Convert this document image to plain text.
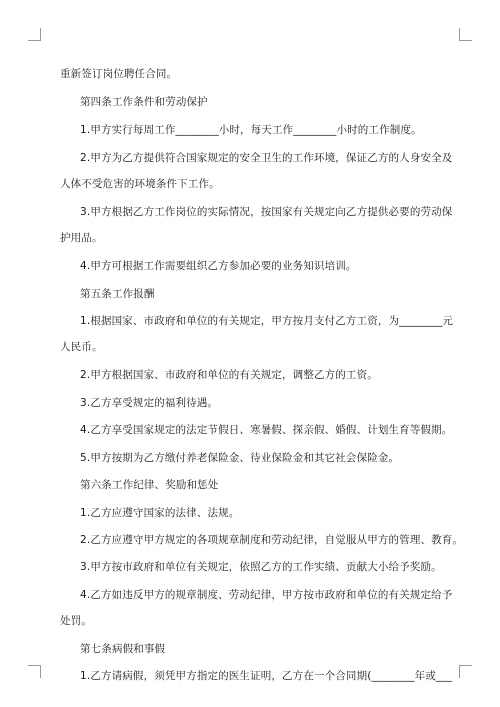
重新签订岗位聘任合同。
第四条工作条件和劳动保护
1.甲方实行每周工作________小时，每天工作________小时的工作制度。
2.甲方为乙方提供符合国家规定的安全卫生的工作环境，保证乙方的人身安全及
人体不受危害的环境条件下工作。
3.甲方根据乙方工作岗位的实际情况，按国家有关规定向乙方提供必要的劳动保
护用品。
4.甲方可根据工作需要组织乙方参加必要的业务知识培训。
第五条工作报酬
1.根据国家、市政府和单位的有关规定，甲方按月支付乙方工资，为________元
人民币。
2.甲方根据国家、市政府和单位的有关规定，调整乙方的工资。
3.乙方享受规定的福利待遇。
4.乙方享受国家规定的法定节假日、寒暑假、探亲假、婚假、计划生育等假期。
5.甲方按期为乙方缴付养老保险金、待业保险金和其它社会保险金。
第六条工作纪律、奖励和惩处
1.乙方应遵守国家的法律、法规。
2.乙方应遵守甲方规定的各项规章制度和劳动纪律，自觉服从甲方的管理、教育。
3.甲方按市政府和单位有关规定，依照乙方的工作实绩、贡献大小给予奖励。
4.乙方如违反甲方的规章制度、劳动纪律，甲方按市政府和单位的有关规定给予
处罚。
第七条病假和事假
1.乙方请病假，须凭甲方指定的医生证明，乙方在一个合同期(________年或___
